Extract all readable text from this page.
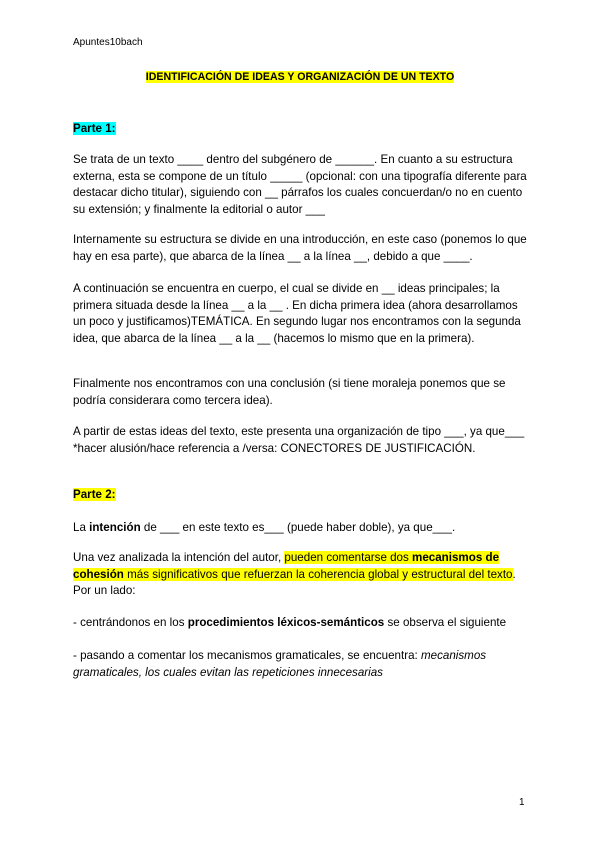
Apuntes10bach
IDENTIFICACIÓN DE IDEAS Y ORGANIZACIÓN DE UN TEXTO
Parte 1:

Se trata de un texto ____ dentro del subgénero de ______. En cuanto a su estructura externa, esta se compone de un título _____ (opcional: con una tipografía diferente para destacar dicho titular), siguiendo con __ párrafos los cuales concuerdan/o no en cuento su extensión; y finalmente la editorial o autor ___

Internamente su estructura se divide en una introducción, en este caso (ponemos lo que hay en esa parte), que abarca de la línea __ a la línea __, debido a que ____.

A continuación se encuentra en cuerpo, el cual se divide en __ ideas principales; la primera situada desde la línea __ a la __ . En dicha primera idea (ahora desarrollamos un poco y justificamos)TEMÁTICA. En segundo lugar nos encontramos con la segunda idea, que abarca de la línea __ a la __ (hacemos lo mismo que en la primera).

Finalmente nos encontramos con una conclusión (si tiene moraleja ponemos que se podría considerara como tercera idea).

A partir de estas ideas del texto, este presenta una organización de tipo ___, ya que___

*hacer alusión/hace referencia a /versa: CONECTORES DE JUSTIFICACIÓN.

Parte 2:

La intención de ___ en este texto es___ (puede haber doble), ya que___.

Una vez analizada la intención del autor, pueden comentarse dos mecanismos de cohesión más significativos que refuerzan la coherencia global y estructural del texto. Por un lado:

- centrándonos en los procedimientos léxicos-semánticos se observa el siguiente

- pasando a comentar los mecanismos gramaticales, se encuentra: mecanismos gramaticales, los cuales evitan las repeticiones innecesarias

1
